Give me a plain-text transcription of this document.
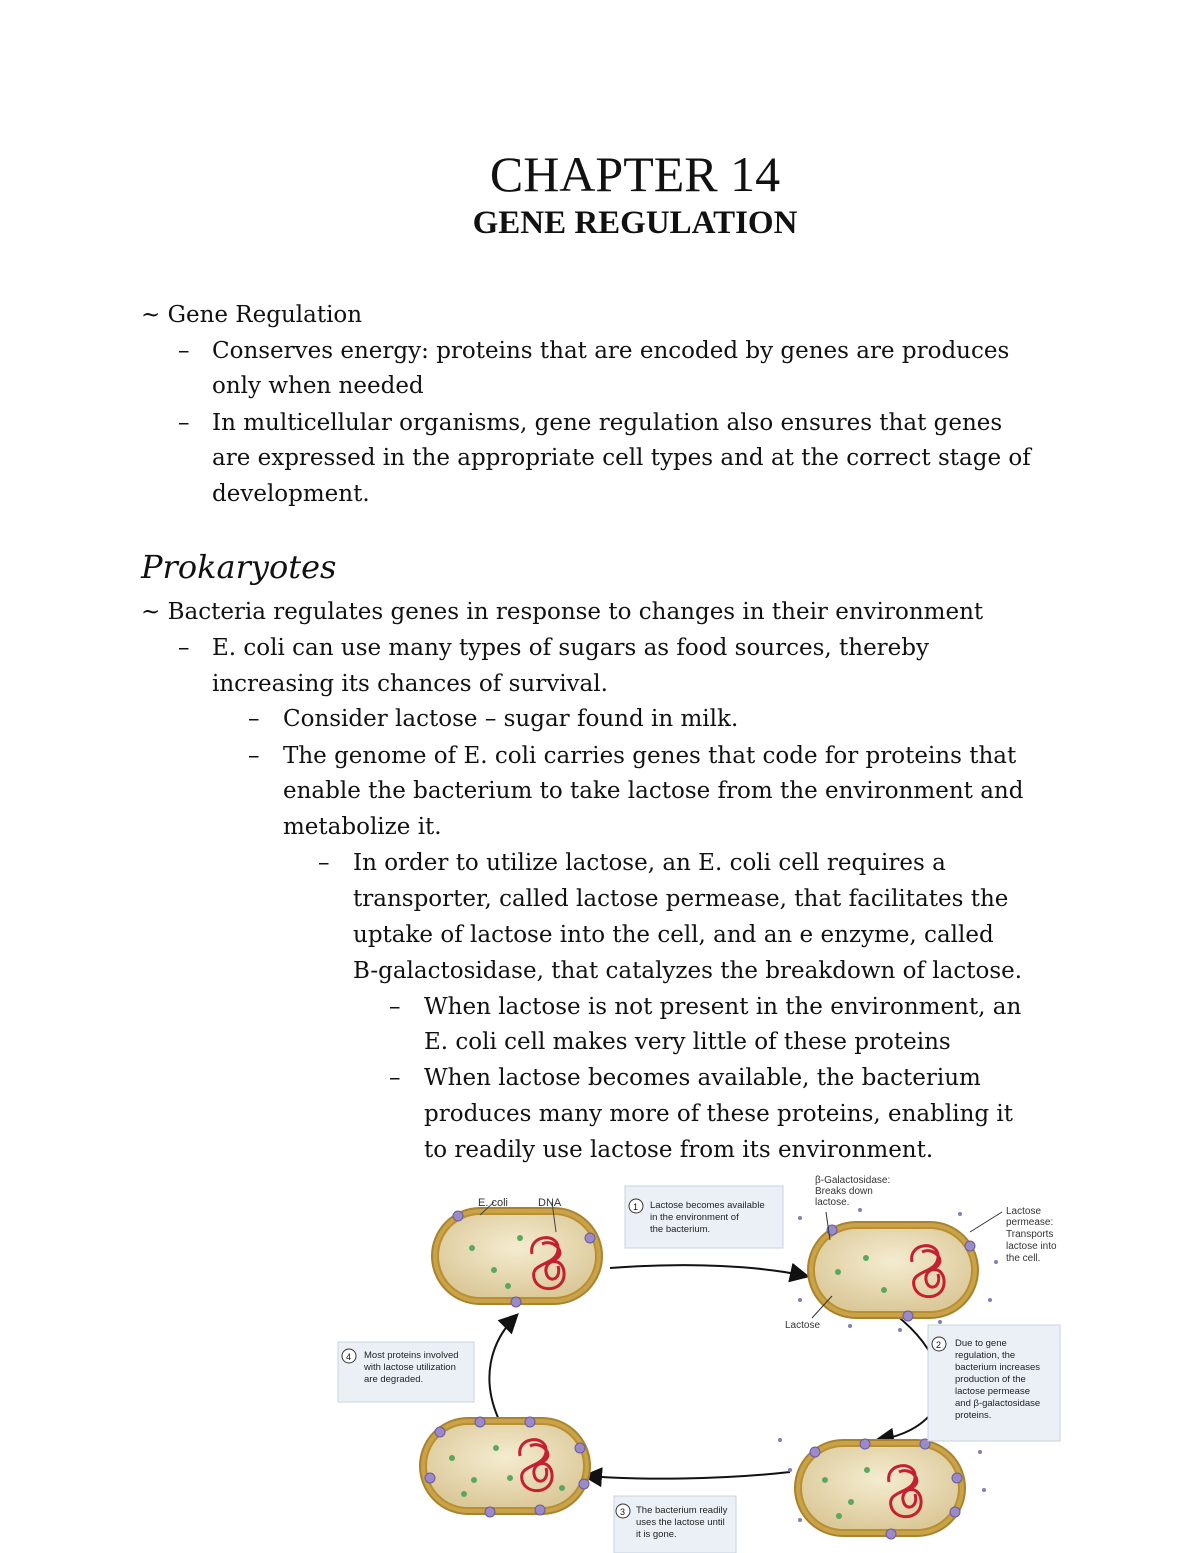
CHAPTER 14
GENE REGULATION
~ Gene Regulation
– Conserves energy: proteins that are encoded by genes are produces
only when needed
– In multicellular organisms, gene regulation also ensures that genes
are expressed in the appropriate cell types and at the correct stage of
development.
Prokaryotes
~ Bacteria regulates genes in response to changes in their environment
– E. coli can use many types of sugars as food sources, thereby
increasing its chances of survival.
– Consider lactose – sugar found in milk.
– The genome of E. coli carries genes that code for proteins that
enable the bacterium to take lactose from the environment and
metabolize it.
– In order to utilize lactose, an E. coli cell requires a
transporter, called lactose permease, that facilitates the
uptake of lactose into the cell, and an e enzyme, called
B-galactosidase, that catalyzes the breakdown of lactose.
– When lactose is not present in the environment, an
E. coli cell makes very little of these proteins
– When lactose becomes available, the bacterium
produces many more of these proteins, enabling it
to readily use lactose from its environment.
E. coli	DNA
β-Galactosidase:
Breaks down
lactose.
Lactose
permease:
Transports
lactose into
the cell.
Lactose
1 Lactose becomes available
in the environment of
the bacterium.
2 Due to gene
regulation, the
bacterium increases
production of the
lactose permease
and β-galactosidase
proteins.
3 The bacterium readily
uses the lactose until
it is gone.
4 Most proteins involved
with lactose utilization
are degraded.
